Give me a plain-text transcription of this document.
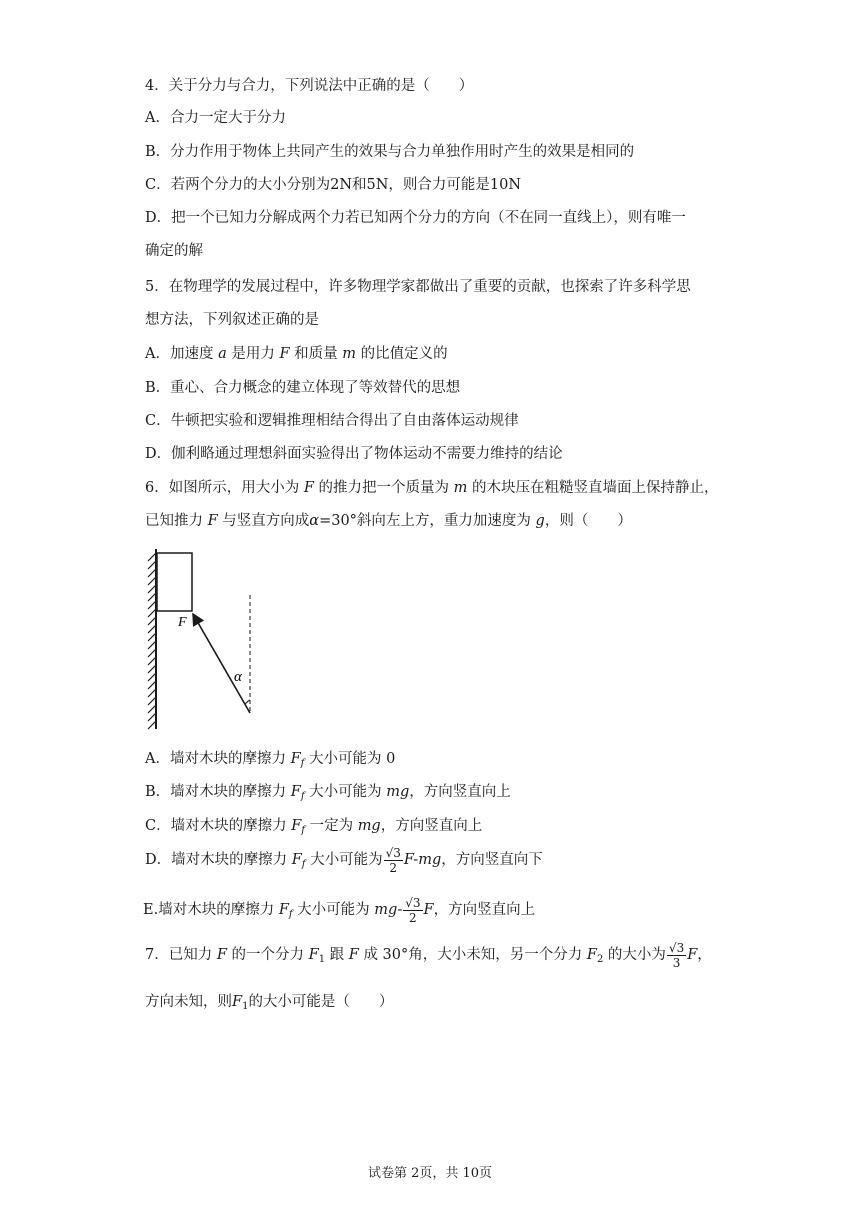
4．关于分力与合力，下列说法中正确的是（　　）
A．合力一定大于分力
B．分力作用于物体上共同产生的效果与合力单独作用时产生的效果是相同的
C．若两个分力的大小分别为2N和5N，则合力可能是10N
D．把一个已知力分解成两个力若已知两个分力的方向（不在同一直线上），则有唯一
确定的解
5．在物理学的发展过程中，许多物理学家都做出了重要的贡献，也探索了许多科学思
想方法，下列叙述正确的是
A．加速度 a 是用力 F 和质量 m 的比值定义的
B．重心、合力概念的建立体现了等效替代的思想
C．牛顿把实验和逻辑推理相结合得出了自由落体运动规律
D．伽利略通过理想斜面实验得出了物体运动不需要力维持的结论
6．如图所示，用大小为 F 的推力把一个质量为 m 的木块压在粗糙竖直墙面上保持静止，
已知推力 F 与竖直方向成α=30°斜向左上方，重力加速度为 g，则（　　）
F
α
A．墙对木块的摩擦力 $F_f$ 大小可能为 0
B．墙对木块的摩擦力 $F_f$ 大小可能为 mg，方向竖直向上
C．墙对木块的摩擦力 $F_f$ 一定为 mg，方向竖直向上
D．墙对木块的摩擦力 $F_f$ 大小可能为 $\frac{√3}{2} F-mg$，方向竖直向下
E.墙对木块的摩擦力 $F_f$ 大小可能为 $mg- \frac{√3}{2}$ F，方向竖直向上
7．已知力 F 的一个分力 $F_1$ 跟 F 成 30°角，大小未知，另一个分力 $F_2$ 的大小为 $\frac{√3}{3}$ F，
方向未知，则$F_1$的大小可能是（　　）
试卷第 2页，共 10页
